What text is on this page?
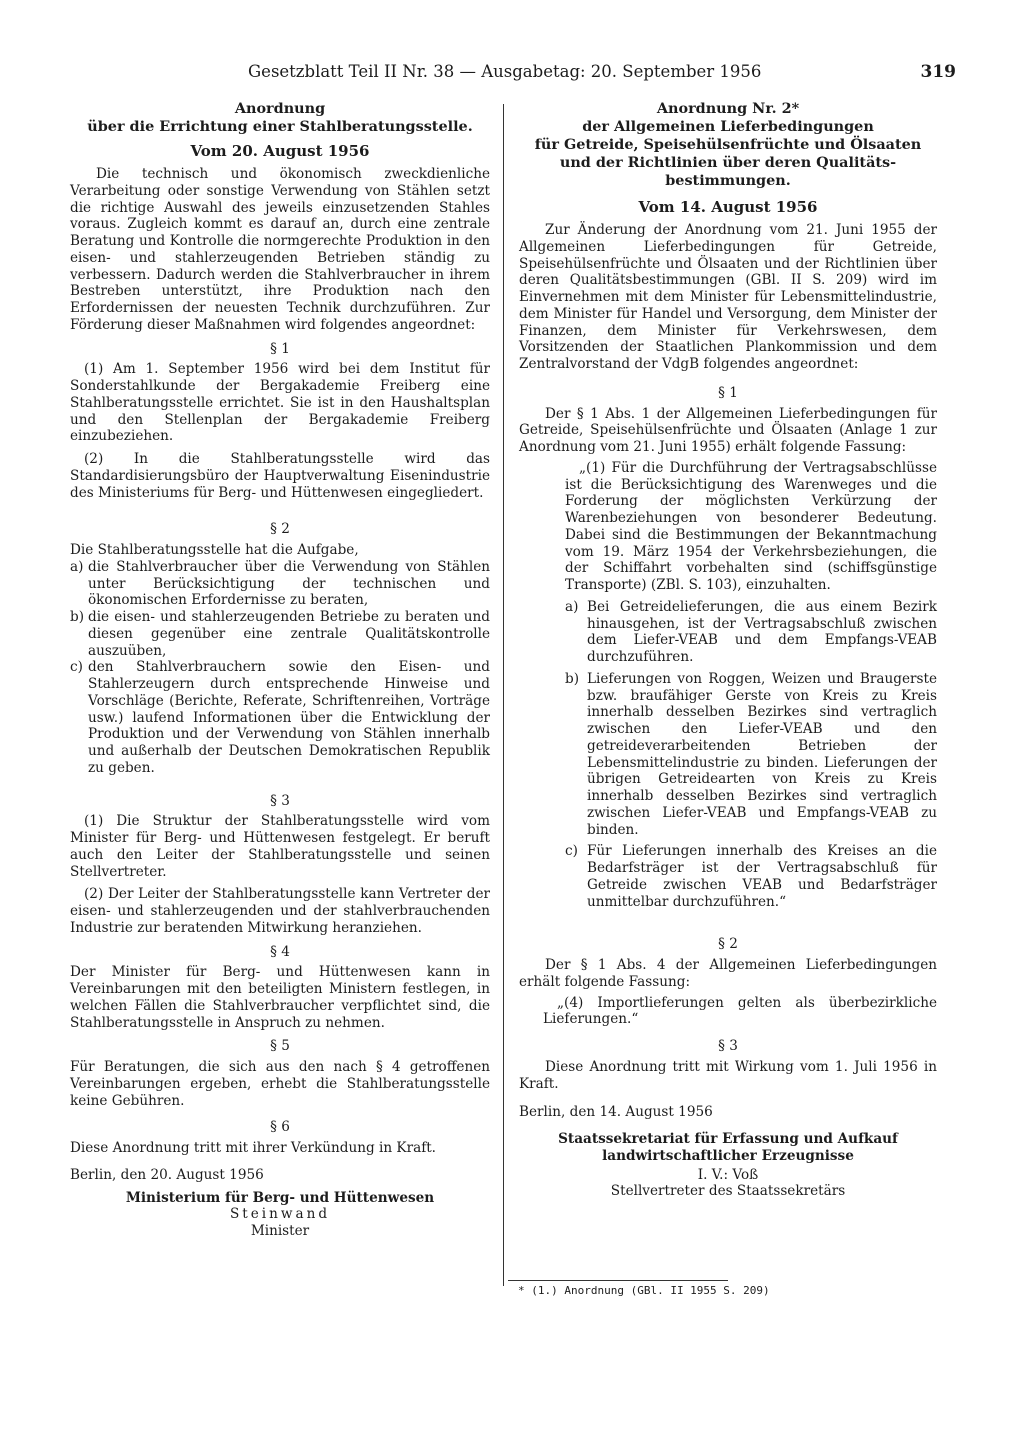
Gesetzblatt Teil II Nr. 38 — Ausgabetag: 20. September 1956	319
Anordnung
über die Errichtung einer Stahlberatungsstelle.
Vom 20. August 1956
Die technisch und ökonomisch zweckdienliche Verarbeitung oder sonstige Verwendung von Stählen setzt die richtige Auswahl des jeweils einzusetzenden Stahles voraus. Zugleich kommt es darauf an, durch eine zentrale Beratung und Kontrolle die normgerechte Produktion in den eisen- und stahlerzeugenden Betrieben ständig zu verbessern. Dadurch werden die Stahlverbraucher in ihrem Bestreben unterstützt, ihre Produktion nach den Erfordernissen der neuesten Technik durchzuführen. Zur Förderung dieser Maßnahmen wird folgendes angeordnet:
§ 1
(1) Am 1. September 1956 wird bei dem Institut für Sonderstahlkunde der Bergakademie Freiberg eine Stahlberatungsstelle errichtet. Sie ist in den Haushaltsplan und den Stellenplan der Bergakademie Freiberg einzubeziehen.
(2) In die Stahlberatungsstelle wird das Standardisierungsbüro der Hauptverwaltung Eisenindustrie des Ministeriums für Berg- und Hüttenwesen eingegliedert.
§ 2
Die Stahlberatungsstelle hat die Aufgabe,
a) die Stahlverbraucher über die Verwendung von Stählen unter Berücksichtigung der technischen und ökonomischen Erfordernisse zu beraten,
b) die eisen- und stahlerzeugenden Betriebe zu beraten und diesen gegenüber eine zentrale Qualitätskontrolle auszuüben,
c) den Stahlverbrauchern sowie den Eisen- und Stahlerzeugern durch entsprechende Hinweise und Vorschläge (Berichte, Referate, Schriftenreihen, Vorträge usw.) laufend Informationen über die Entwicklung der Produktion und der Verwendung von Stählen innerhalb und außerhalb der Deutschen Demokratischen Republik zu geben.
§ 3
(1) Die Struktur der Stahlberatungsstelle wird vom Minister für Berg- und Hüttenwesen festgelegt. Er beruft auch den Leiter der Stahlberatungsstelle und seinen Stellvertreter.
(2) Der Leiter der Stahlberatungsstelle kann Vertreter der eisen- und stahlerzeugenden und der stahlverbrauchenden Industrie zur beratenden Mitwirkung heranziehen.
§ 4
Der Minister für Berg- und Hüttenwesen kann in Vereinbarungen mit den beteiligten Ministern festlegen, in welchen Fällen die Stahlverbraucher verpflichtet sind, die Stahlberatungsstelle in Anspruch zu nehmen.
§ 5
Für Beratungen, die sich aus den nach § 4 getroffenen Vereinbarungen ergeben, erhebt die Stahlberatungsstelle keine Gebühren.
§ 6
Diese Anordnung tritt mit ihrer Verkündung in Kraft.
Berlin, den 20. August 1956
Ministerium für Berg- und Hüttenwesen
Steinwand
Minister
Anordnung Nr. 2*
der Allgemeinen Lieferbedingungen
für Getreide, Speisehülsenfrüchte und Ölsaaten
und der Richtlinien über deren Qualitäts-
bestimmungen.
Vom 14. August 1956
Zur Änderung der Anordnung vom 21. Juni 1955 der Allgemeinen Lieferbedingungen für Getreide, Speisehülsenfrüchte und Ölsaaten und der Richtlinien über deren Qualitätsbestimmungen (GBl. II S. 209) wird im Einvernehmen mit dem Minister für Lebensmittelindustrie, dem Minister für Handel und Versorgung, dem Minister der Finanzen, dem Minister für Verkehrswesen, dem Vorsitzenden der Staatlichen Plankommission und dem Zentralvorstand der VdgB folgendes angeordnet:
§ 1
Der § 1 Abs. 1 der Allgemeinen Lieferbedingungen für Getreide, Speisehülsenfrüchte und Ölsaaten (Anlage 1 zur Anordnung vom 21. Juni 1955) erhält folgende Fassung:
„(1) Für die Durchführung der Vertragsabschlüsse ist die Berücksichtigung des Warenweges und die Forderung der möglichsten Verkürzung der Warenbeziehungen von besonderer Bedeutung. Dabei sind die Bestimmungen der Bekanntmachung vom 19. März 1954 der Verkehrsbeziehungen, die der Schiffahrt vorbehalten sind (schiffsgünstige Transporte) (ZBl. S. 103), einzuhalten.
a) Bei Getreidelieferungen, die aus einem Bezirk hinausgehen, ist der Vertragsabschluß zwischen dem Liefer-VEAB und dem Empfangs-VEAB durchzuführen.
b) Lieferungen von Roggen, Weizen und Braugerste bzw. braufähiger Gerste von Kreis zu Kreis innerhalb desselben Bezirkes sind vertraglich zwischen den Liefer-VEAB und den getreideverarbeitenden Betrieben der Lebensmittelindustrie zu binden. Lieferungen der übrigen Getreidearten von Kreis zu Kreis innerhalb desselben Bezirkes sind vertraglich zwischen Liefer-VEAB und Empfangs-VEAB zu binden.
c) Für Lieferungen innerhalb des Kreises an die Bedarfsträger ist der Vertragsabschluß für Getreide zwischen VEAB und Bedarfsträger unmittelbar durchzuführen.“
§ 2
Der § 1 Abs. 4 der Allgemeinen Lieferbedingungen erhält folgende Fassung:
„(4) Importlieferungen gelten als überbezirkliche Lieferungen.“
§ 3
Diese Anordnung tritt mit Wirkung vom 1. Juli 1956 in Kraft.
Berlin, den 14. August 1956
Staatssekretariat für Erfassung und Aufkauf
landwirtschaftlicher Erzeugnisse
I. V.: Voß
Stellvertreter des Staatssekretärs
* (1.) Anordnung (GBl. II 1955 S. 209)
